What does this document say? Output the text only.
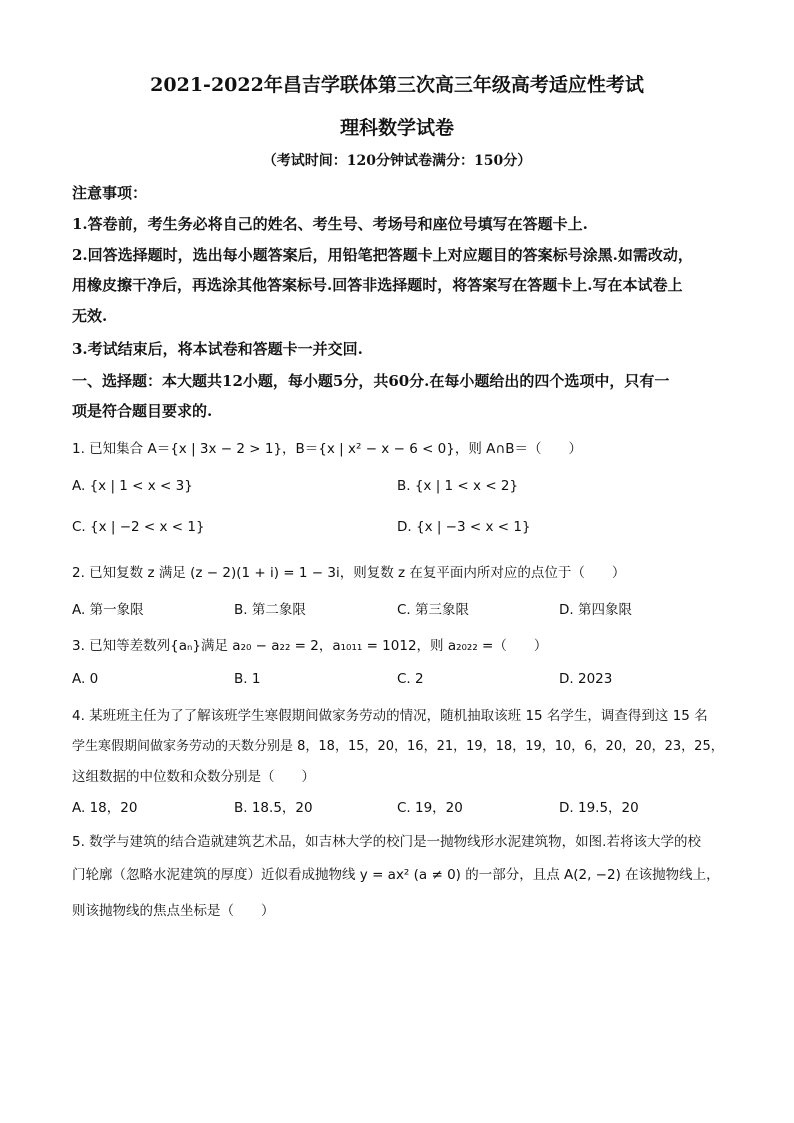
2021-2022年昌吉学联体第三次高三年级高考适应性考试
理科数学试卷
（考试时间：120分钟试卷满分：150分）
注意事项：
1.答卷前，考生务必将自己的姓名、考生号、考场号和座位号填写在答题卡上.
2.回答选择题时，选出每小题答案后，用铅笔把答题卡上对应题目的答案标号涂黑.如需改动，
用橡皮擦干净后，再选涂其他答案标号.回答非选择题时，将答案写在答题卡上.写在本试卷上
无效.
3.考试结束后，将本试卷和答题卡一并交回.
一、选择题：本大题共12小题，每小题5分，共60分.在每小题给出的四个选项中，只有一
项是符合题目要求的.
1. 已知集合 A＝{x | 3x − 2 > 1}，B＝{x | x² − x − 6 < 0}，则 A∩B＝（　　）
A. {x | 1 < x < 3}	B. {x | 1 < x < 2}
C. {x | −2 < x < 1}	D. {x | −3 < x < 1}
2. 已知复数 z 满足 (z − 2)(1 + i) = 1 − 3i，则复数 z 在复平面内所对应的点位于（　　）
A. 第一象限	B. 第二象限	C. 第三象限	D. 第四象限
3. 已知等差数列{aₙ}满足 a₂₀ − a₂₂ = 2，a₁₀₁₁ = 1012，则 a₂₀₂₂ =（　　）
A. 0	B. 1	C. 2	D. 2023
4. 某班班主任为了了解该班学生寒假期间做家务劳动的情况，随机抽取该班 15 名学生，调查得到这 15 名
学生寒假期间做家务劳动的天数分别是 8，18，15，20，16，21，19，18，19，10，6，20，20，23，25，
这组数据的中位数和众数分别是（　　）
A. 18，20	B. 18.5，20	C. 19，20	D. 19.5，20
5. 数学与建筑的结合造就建筑艺术品，如吉林大学的校门是一抛物线形水泥建筑物，如图.若将该大学的校
门轮廓（忽略水泥建筑的厚度）近似看成抛物线 y = ax² (a ≠ 0) 的一部分，且点 A(2, −2) 在该抛物线上，
则该抛物线的焦点坐标是（　　）
